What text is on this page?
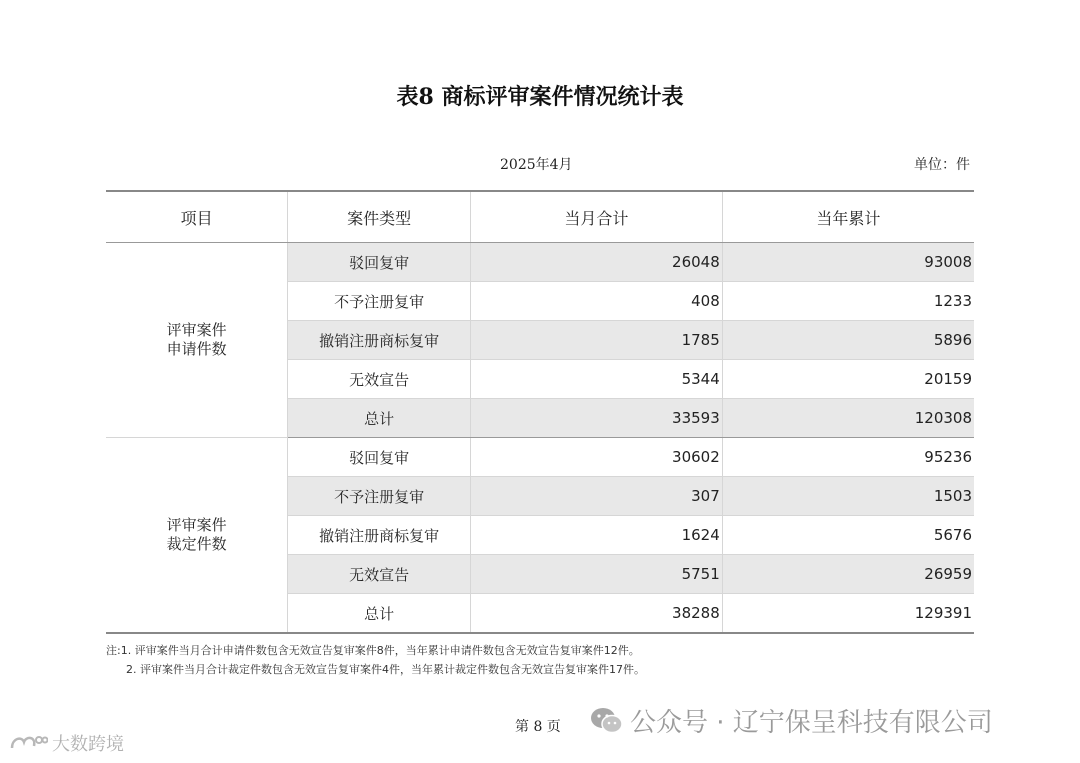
表8 商标评审案件情况统计表
2025年4月	单位：件
项目	案件类型	当月合计	当年累计

评审案件
申请件数	驳回复审	26048	93008
	不予注册复审	408	1233
	撤销注册商标复审	1785	5896
	无效宣告	5344	20159
	总计	33593	120308

评审案件
裁定件数	驳回复审	30602	95236
	不予注册复审	307	1503
	撤销注册商标复审	1624	5676
	无效宣告	5751	26959
	总计	38288	129391
注:1. 评审案件当月合计申请件数包含无效宣告复审案件8件，当年累计申请件数包含无效宣告复审案件12件。
2. 评审案件当月合计裁定件数包含无效宣告复审案件4件，当年累计裁定件数包含无效宣告复审案件17件。
第 8 页	公众号 · 辽宁保呈科技有限公司
大数跨境
